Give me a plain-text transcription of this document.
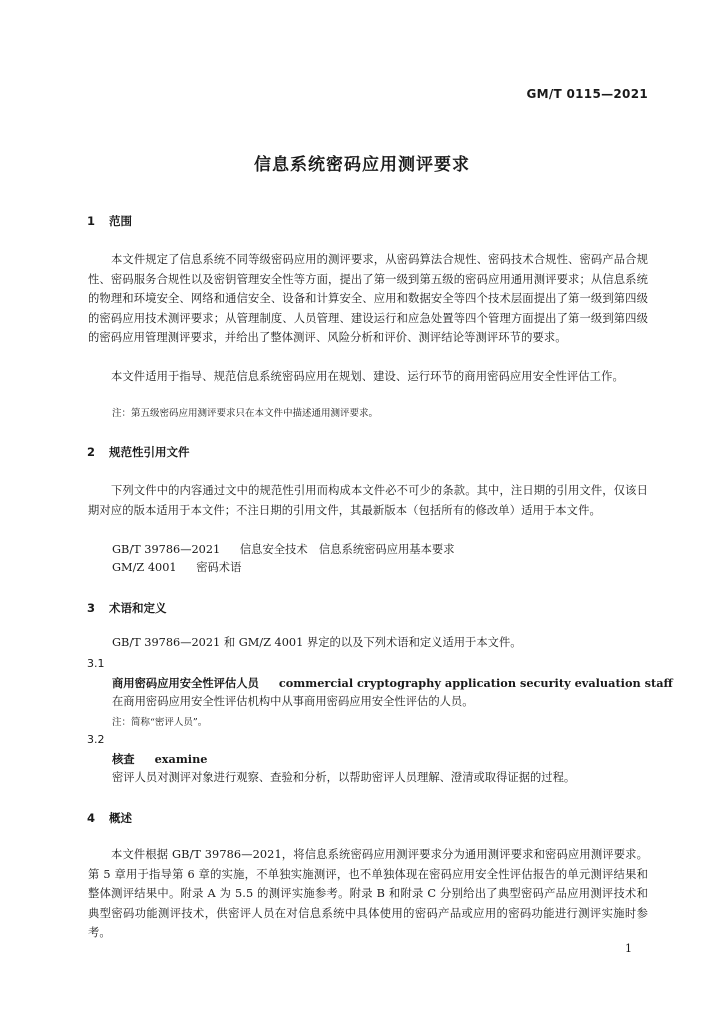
GM/T 0115—2021
信息系统密码应用测评要求
1 范围
本文件规定了信息系统不同等级密码应用的测评要求，从密码算法合规性、密码技术合规性、密码产品合规性、密码服务合规性以及密钥管理安全性等方面，提出了第一级到第五级的密码应用通用测评要求；从信息系统的物理和环境安全、网络和通信安全、设备和计算安全、应用和数据安全等四个技术层面提出了第一级到第四级的密码应用技术测评要求；从管理制度、人员管理、建设运行和应急处置等四个管理方面提出了第一级到第四级的密码应用管理测评要求，并给出了整体测评、风险分析和评价、测评结论等测评环节的要求。
本文件适用于指导、规范信息系统密码应用在规划、建设、运行环节的商用密码应用安全性评估工作。
注：第五级密码应用测评要求只在本文件中描述通用测评要求。
2 规范性引用文件
下列文件中的内容通过文中的规范性引用而构成本文件必不可少的条款。其中，注日期的引用文件，仅该日期对应的版本适用于本文件；不注日期的引用文件，其最新版本（包括所有的修改单）适用于本文件。
GB/T 39786—2021 信息安全技术　信息系统密码应用基本要求
GM/Z 4001 密码术语
3 术语和定义
GB/T 39786—2021 和 GM/Z 4001 界定的以及下列术语和定义适用于本文件。
3.1
商用密码应用安全性评估人员 commercial cryptography application security evaluation staff
在商用密码应用安全性评估机构中从事商用密码应用安全性评估的人员。
注：简称“密评人员”。
3.2
核查 examine
密评人员对测评对象进行观察、查验和分析，以帮助密评人员理解、澄清或取得证据的过程。
4 概述
本文件根据 GB/T 39786—2021，将信息系统密码应用测评要求分为通用测评要求和密码应用测评要求。第 5 章用于指导第 6 章的实施，不单独实施测评，也不单独体现在密码应用安全性评估报告的单元测评结果和整体测评结果中。附录 A 为 5.5 的测评实施参考。附录 B 和附录 C 分别给出了典型密码产品应用测评技术和典型密码功能测评技术，供密评人员在对信息系统中具体使用的密码产品或应用的密码功能进行测评实施时参考。
1
